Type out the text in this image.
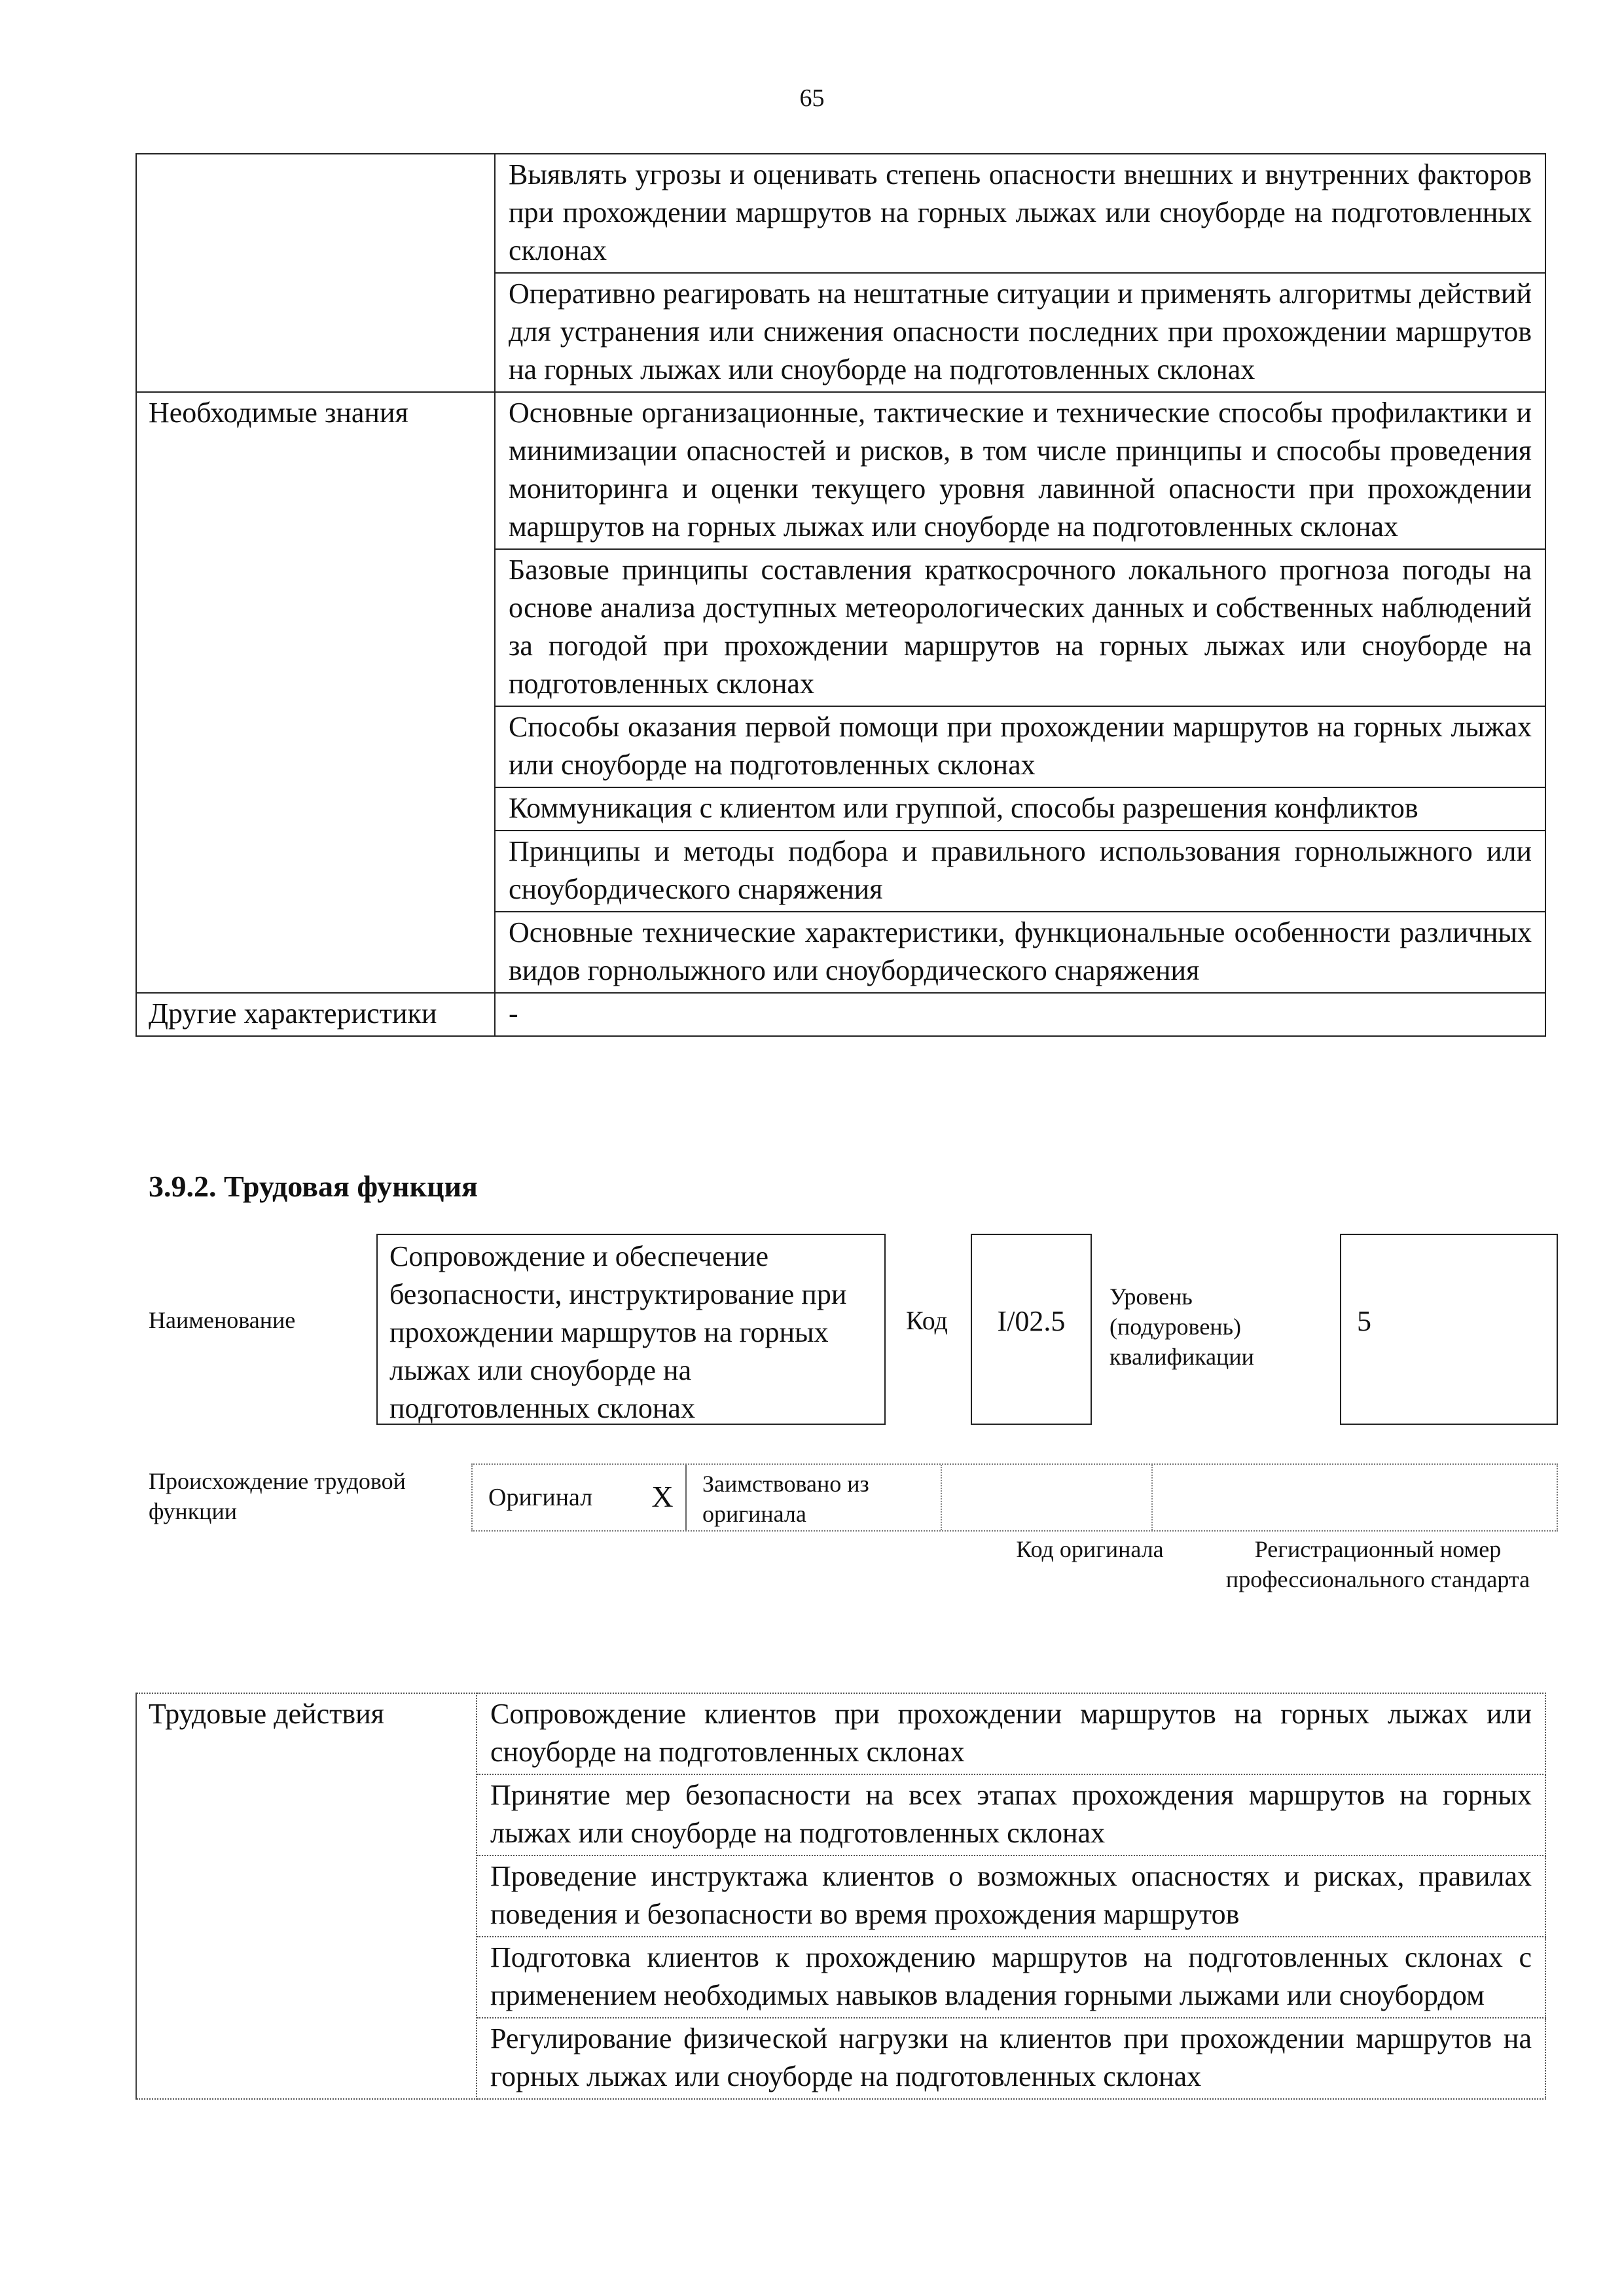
65
	Выявлять угрозы и оценивать степень опасности внешних и внутренних факторов при прохождении маршрутов на горных лыжах или сноуборде на подготовленных склонах
	Оперативно реагировать на нештатные ситуации и применять алгоритмы действий для устранения или снижения опасности последних при прохождении маршрутов на горных лыжах или сноуборде на подготовленных склонах
Необходимые знания	Основные организационные, тактические и технические способы профилактики и минимизации опасностей и рисков, в том числе принципы и способы проведения мониторинга и оценки текущего уровня лавинной опасности при прохождении маршрутов на горных лыжах или сноуборде на подготовленных склонах
	Базовые принципы составления краткосрочного локального прогноза погоды на основе анализа доступных метеорологических данных и собственных наблюдений за погодой при прохождении маршрутов на горных лыжах или сноуборде на подготовленных склонах
	Способы оказания первой помощи при прохождении маршрутов на горных лыжах или сноуборде на подготовленных склонах
	Коммуникация с клиентом или группой, способы разрешения конфликтов
	Принципы и методы подбора и правильного использования горнолыжного или сноубордического снаряжения
	Основные технические характеристики, функциональные особенности различных видов горнолыжного или сноубордического снаряжения
Другие характеристики	-
3.9.2. Трудовая функция
Наименование
Сопровождение и обеспечение безопасности, инструктирование при прохождении маршрутов на горных лыжах или сноуборде на подготовленных склонах
Код	I/02.5
Уровень (подуровень) квалификации
5
Происхождение трудовой функции	Оригинал	X	Заимствовано из оригинала
Код оригинала	Регистрационный номер профессионального стандарта
Трудовые действия	Сопровождение клиентов при прохождении маршрутов на горных лыжах или сноуборде на подготовленных склонах
Принятие мер безопасности на всех этапах прохождения маршрутов на горных лыжах или сноуборде на подготовленных склонах
Проведение инструктажа клиентов о возможных опасностях и рисках, правилах поведения и безопасности во время прохождения маршрутов
Подготовка клиентов к прохождению маршрутов на подготовленных склонах с применением необходимых навыков владения горными лыжами или сноубордом
Регулирование физической нагрузки на клиентов при прохождении маршрутов на горных лыжах или сноуборде на подготовленных склонах
